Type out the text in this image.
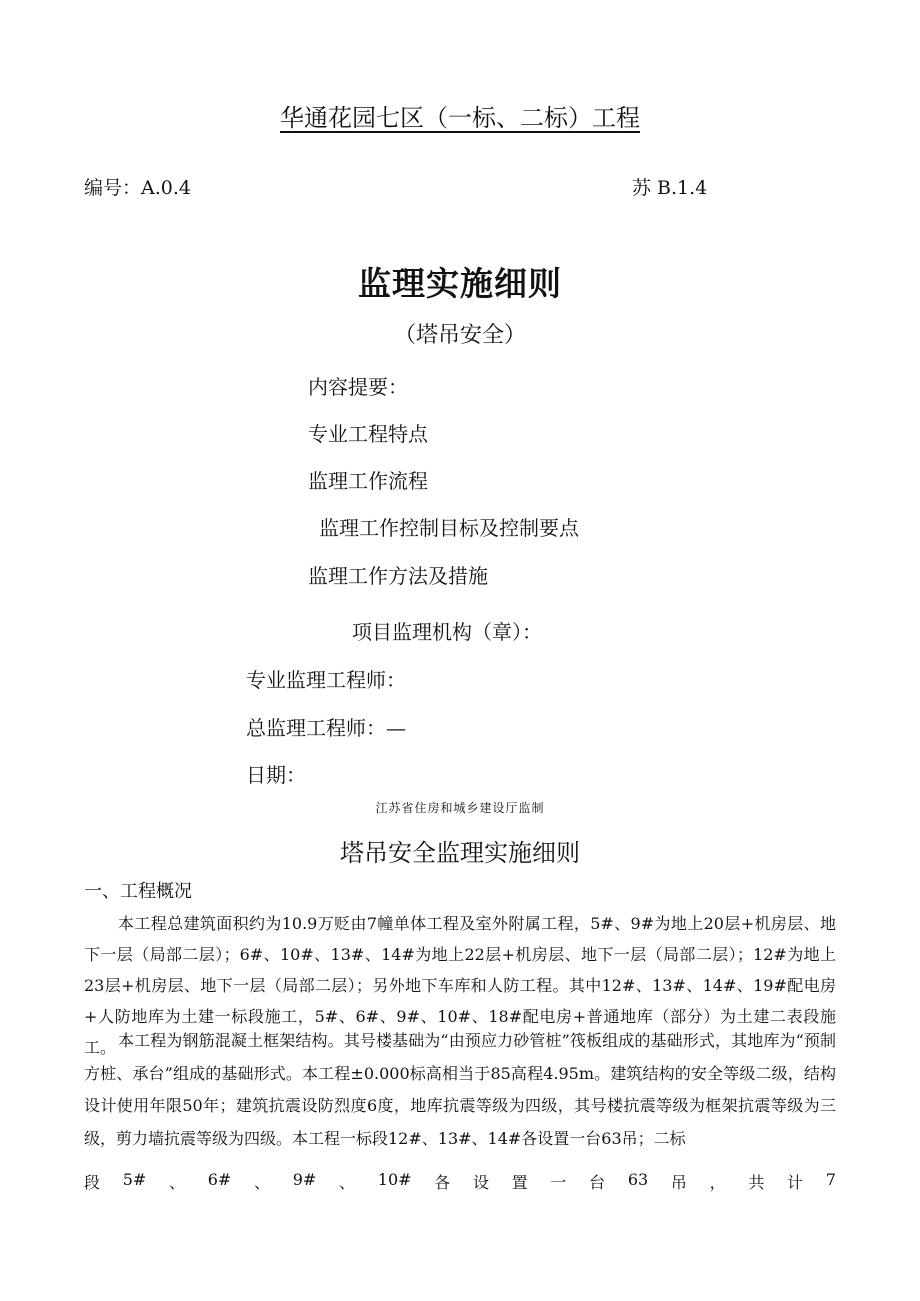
华通花园七区（一标、二标）工程
编号：A.0.4	苏 B.1.4
监理实施细则
（塔吊安全）
内容提要：
专业工程特点
监理工作流程
监理工作控制目标及控制要点
监理工作方法及措施
项目监理机构（章）：
专业监理工程师：
总监理工程师：—
日期：
江苏省住房和城乡建设厅监制
塔吊安全监理实施细则
一、工程概况

本工程总建筑面积约为10.9万贬由7幢单体工程及室外附属工程，5#、9#为地上20层+机房层、地下一层（局部二层）；6#、10#、13#、14#为地上22层+机房层、地下一层（局部二层）；12#为地上23层+机房层、地下一层（局部二层）；另外地下车库和人防工程。其中12#、13#、14#、19#配电房+人防地库为土建一标段施工，5#、6#、9#、10#、18#配电房+普通地库（部分）为土建二表段施工。 本工程为钢筋混凝土框架结构。其号楼基础为“由预应力砂管桩”筏板组成的基础形式，其地库为“预制方桩、承台”组成的基础形式。本工程±0.000标高相当于85高程4.95m。建筑结构的安全等级二级，结构设计使用年限50年；建筑抗震设防烈度6度，地库抗震等级为四级，其号楼抗震等级为框架抗震等级为三级，剪力墙抗震等级为四级。本工程一标段12#、13#、14#各设置一台63吊；二标

段 5# 、 6# 、 9# 、 10# 各 设 置 一 台 63 吊 ， 共 计 7
